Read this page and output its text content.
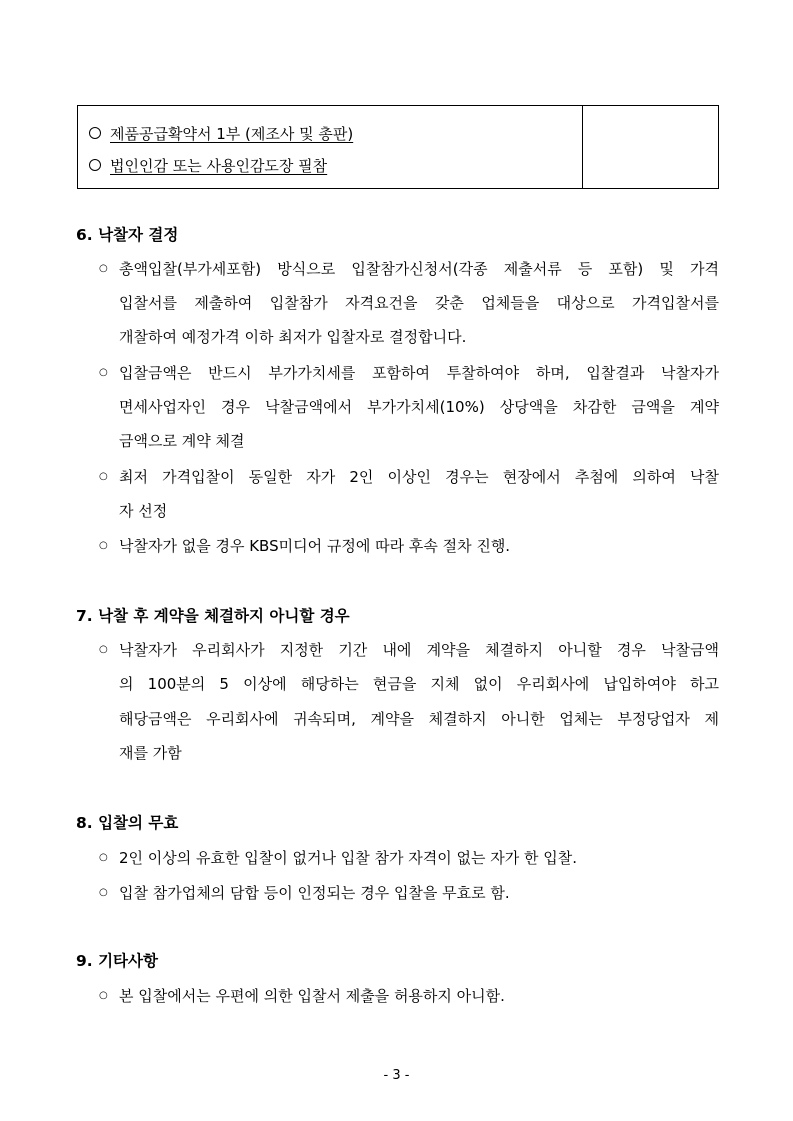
제품공급확약서 1부 (제조사 및 총판)
법인인감 또는 사용인감도장 필참
6. 낙찰자 결정
○ 총액입찰(부가세포함) 방식으로 입찰참가신청서(각종 제출서류 등 포함) 및 가격
입찰서를 제출하여 입찰참가 자격요건을 갖춘 업체들을 대상으로 가격입찰서를
개찰하여 예정가격 이하 최저가 입찰자로 결정합니다.
○ 입찰금액은 반드시 부가가치세를 포함하여 투찰하여야 하며, 입찰결과 낙찰자가
면세사업자인 경우 낙찰금액에서 부가가치세(10%) 상당액을 차감한 금액을 계약
금액으로 계약 체결
○ 최저 가격입찰이 동일한 자가 2인 이상인 경우는 현장에서 추첨에 의하여 낙찰
자 선정
○ 낙찰자가 없을 경우 KBS미디어 규정에 따라 후속 절차 진행.
7. 낙찰 후 계약을 체결하지 아니할 경우
○ 낙찰자가 우리회사가 지정한 기간 내에 계약을 체결하지 아니할 경우 낙찰금액
의 100분의 5 이상에 해당하는 현금을 지체 없이 우리회사에 납입하여야 하고
해당금액은 우리회사에 귀속되며, 계약을 체결하지 아니한 업체는 부정당업자 제
재를 가함
8. 입찰의 무효
○ 2인 이상의 유효한 입찰이 없거나 입찰 참가 자격이 없는 자가 한 입찰.
○ 입찰 참가업체의 담합 등이 인정되는 경우 입찰을 무효로 함.
9. 기타사항
○ 본 입찰에서는 우편에 의한 입찰서 제출을 허용하지 아니함.
- 3 -
